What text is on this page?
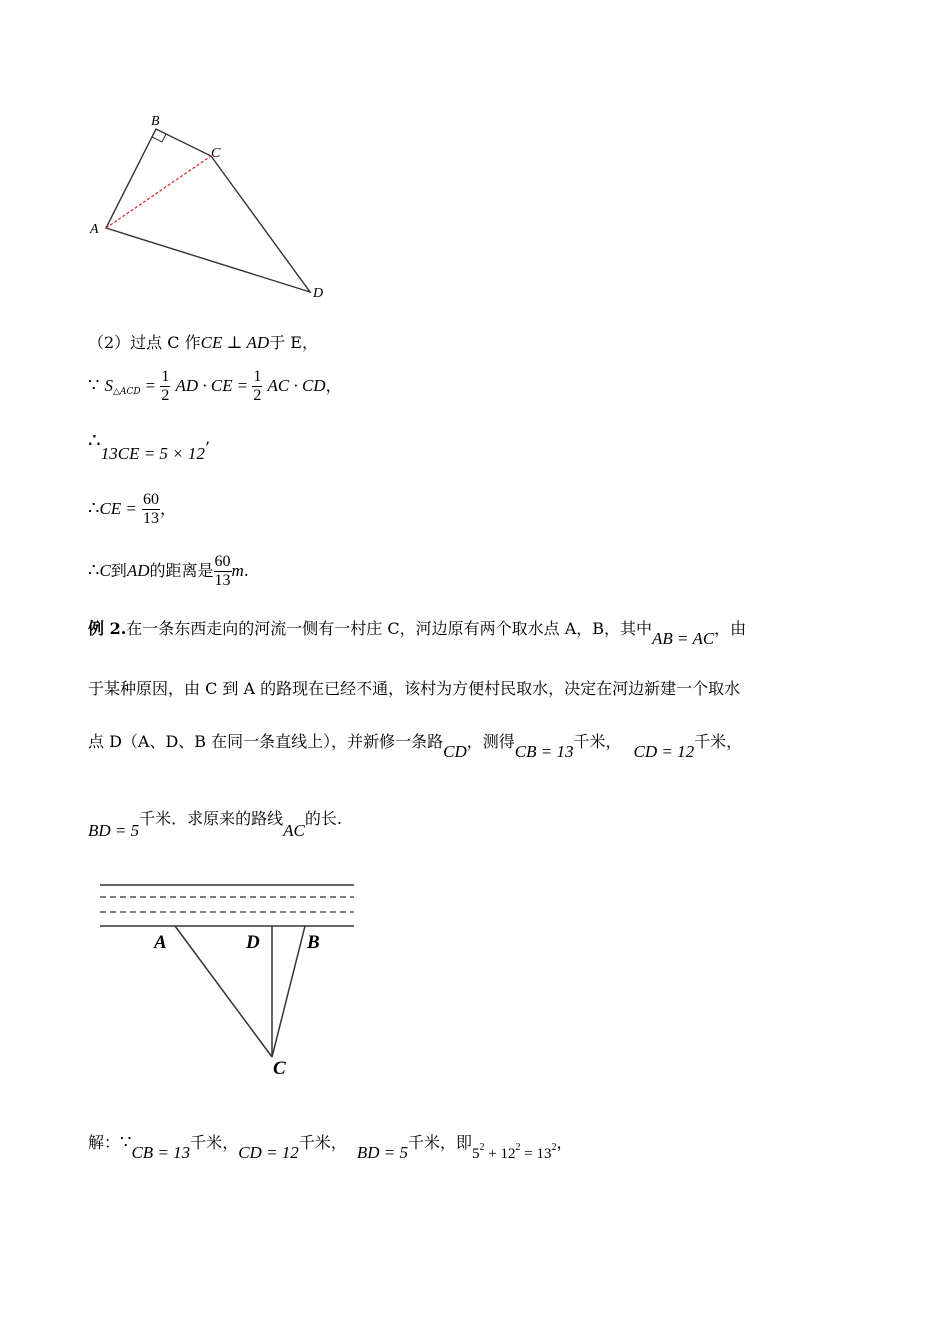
A
B
C
D
（2）过点 C 作CE ⊥ AD于 E，
∵ $S_{\triangle ACD} = \frac{1}{2}$ AD · CE = $\frac{1}{2}$ AC · CD，
∴13CE = 5 × 12’
∴CE = $\frac{60}{13}$ ，
∴C到AD的距离是 $\frac{60}{13} m$.
例 2.在一条东西走向的河流一侧有一村庄 C，河边原有两个取水点 A，B，其中AB = AC，由
于某种原因，由 C 到 A 的路现在已经不通，该村为方便村民取水，决定在河边新建一个取水
点 D（A、D、B 在同一条直线上），并新修一条路CD，测得CB = 13千米，CD = 12千米，
BD = 5千米．求原来的路线AC的长.
A	D B
C
解：∵CB = 13千米，CD = 12千米，BD = 5千米，即$5^2 + 12^2 = 13^2$，
